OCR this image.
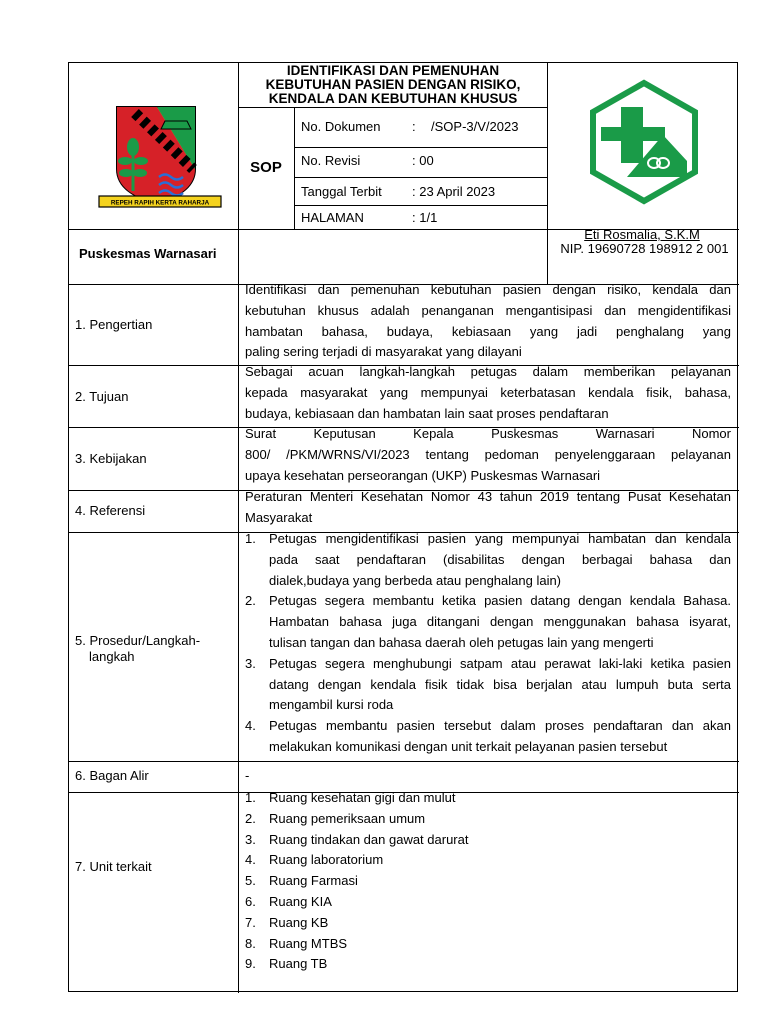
REPEH RAPIH KERTA RAHARJA
IDENTIFIKASI DAN PEMENUHAN
KEBUTUHAN PASIEN DENGAN RISIKO,
KENDALA DAN KEBUTUHAN KHUSUS
SOP
No. Dokumen : /SOP-3/V/2023
No. Revisi	: 00
Tanggal Terbit : 23 April 2023
HALAMAN	: 1/1
Puskesmas Warnasari
Eti Rosmalia, S.K.M
NIP. 19690728 198912 2 001
1. Pengertian
Identifikasi dan pemenuhan kebutuhan pasien dengan risiko, kendala dan
kebutuhan khusus adalah penanganan mengantisipasi dan mengidentifikasi
hambatan bahasa, budaya, kebiasaan yang jadi penghalang yang
paling sering terjadi di masyarakat yang dilayani
2. Tujuan
Sebagai acuan langkah-langkah petugas dalam memberikan pelayanan
kepada masyarakat yang mempunyai keterbatasan kendala fisik, bahasa,
budaya, kebiasaan dan hambatan lain saat proses pendaftaran
3. Kebijakan
Surat Keputusan Kepala Puskesmas Warnasari Nomor
800/ /PKM/WRNS/VI/2023 tentang pedoman penyelenggaraan pelayanan
upaya kesehatan perseorangan (UKP) Puskesmas Warnasari
4. Referensi
Peraturan Menteri Kesehatan Nomor 43 tahun 2019 tentang Pusat Kesehatan
Masyarakat
5. Prosedur/Langkah-
langkah
1. Petugas mengidentifikasi pasien yang mempunyai hambatan dan kendala
pada saat pendaftaran (disabilitas dengan berbagai bahasa dan
dialek,budaya yang berbeda atau penghalang lain)
2. Petugas segera membantu ketika pasien datang dengan kendala Bahasa.
Hambatan bahasa juga ditangani dengan menggunakan bahasa isyarat,
tulisan tangan dan bahasa daerah oleh petugas lain yang mengerti
3. Petugas segera menghubungi satpam atau perawat laki-laki ketika pasien
datang dengan kendala fisik tidak bisa berjalan atau lumpuh buta serta
mengambil kursi roda
4. Petugas membantu pasien tersebut dalam proses pendaftaran dan akan
melakukan komunikasi dengan unit terkait pelayanan pasien tersebut
6. Bagan Alir	-
7. Unit terkait
1. Ruang kesehatan gigi dan mulut
2. Ruang pemeriksaan umum
3. Ruang tindakan dan gawat darurat
4. Ruang laboratorium
5. Ruang Farmasi
6. Ruang KIA
7. Ruang KB
8. Ruang MTBS
9. Ruang TB
